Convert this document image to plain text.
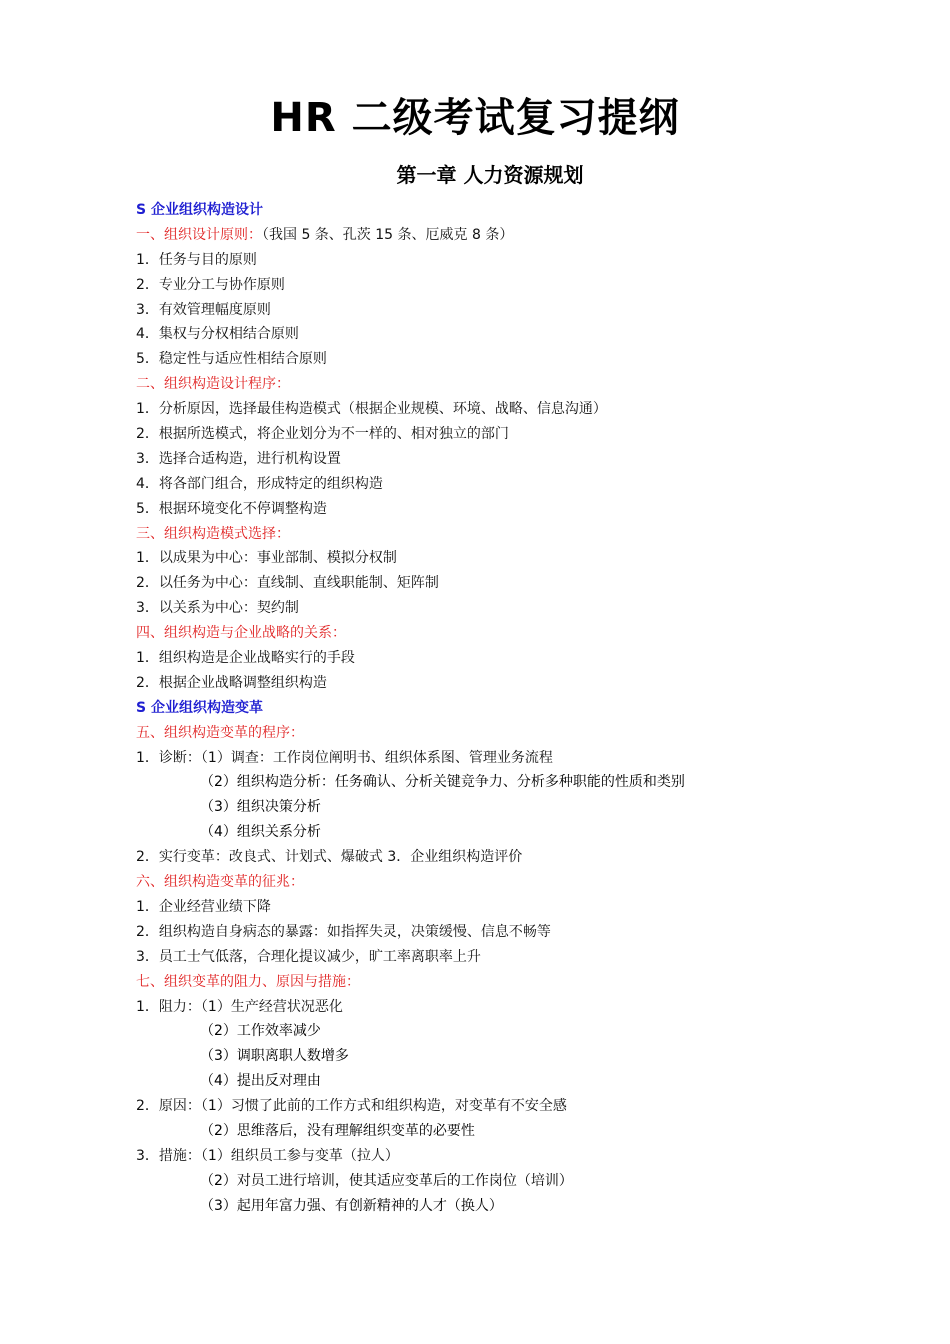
HR 二级考试复习提纲
第一章 人力资源规划
S 企业组织构造设计
一、组织设计原则：（我国 5 条、孔茨 15 条、厄威克 8 条）
1．任务与目的原则
2．专业分工与协作原则
3．有效管理幅度原则
4．集权与分权相结合原则
5．稳定性与适应性相结合原则
二、组织构造设计程序：
1．分析原因，选择最佳构造模式（根据企业规模、环境、战略、信息沟通）
2．根据所选模式，将企业划分为不一样的、相对独立的部门
3．选择合适构造，进行机构设置
4．将各部门组合，形成特定的组织构造
5．根据环境变化不停调整构造
三、组织构造模式选择：
1．以成果为中心：事业部制、模拟分权制
2．以任务为中心：直线制、直线职能制、矩阵制
3．以关系为中心：契约制
四、组织构造与企业战略的关系：
1．组织构造是企业战略实行的手段
2．根据企业战略调整组织构造
S 企业组织构造变革
五、组织构造变革的程序：
1．诊断：（1）调查：工作岗位阐明书、组织体系图、管理业务流程
（2）组织构造分析：任务确认、分析关键竞争力、分析多种职能的性质和类别
（3）组织决策分析
（4）组织关系分析
2．实行变革：改良式、计划式、爆破式 3．企业组织构造评价
六、组织构造变革的征兆：
1．企业经营业绩下降
2．组织构造自身病态的暴露：如指挥失灵，决策缓慢、信息不畅等
3．员工士气低落，合理化提议减少，旷工率离职率上升
七、组织变革的阻力、原因与措施：
1．阻力：（1）生产经营状况恶化
（2）工作效率减少
（3）调职离职人数增多
（4）提出反对理由
2．原因：（1）习惯了此前的工作方式和组织构造，对变革有不安全感
（2）思维落后，没有理解组织变革的必要性
3．措施：（1）组织员工参与变革（拉人）
（2）对员工进行培训，使其适应变革后的工作岗位（培训）
（3）起用年富力强、有创新精神的人才（换人）
